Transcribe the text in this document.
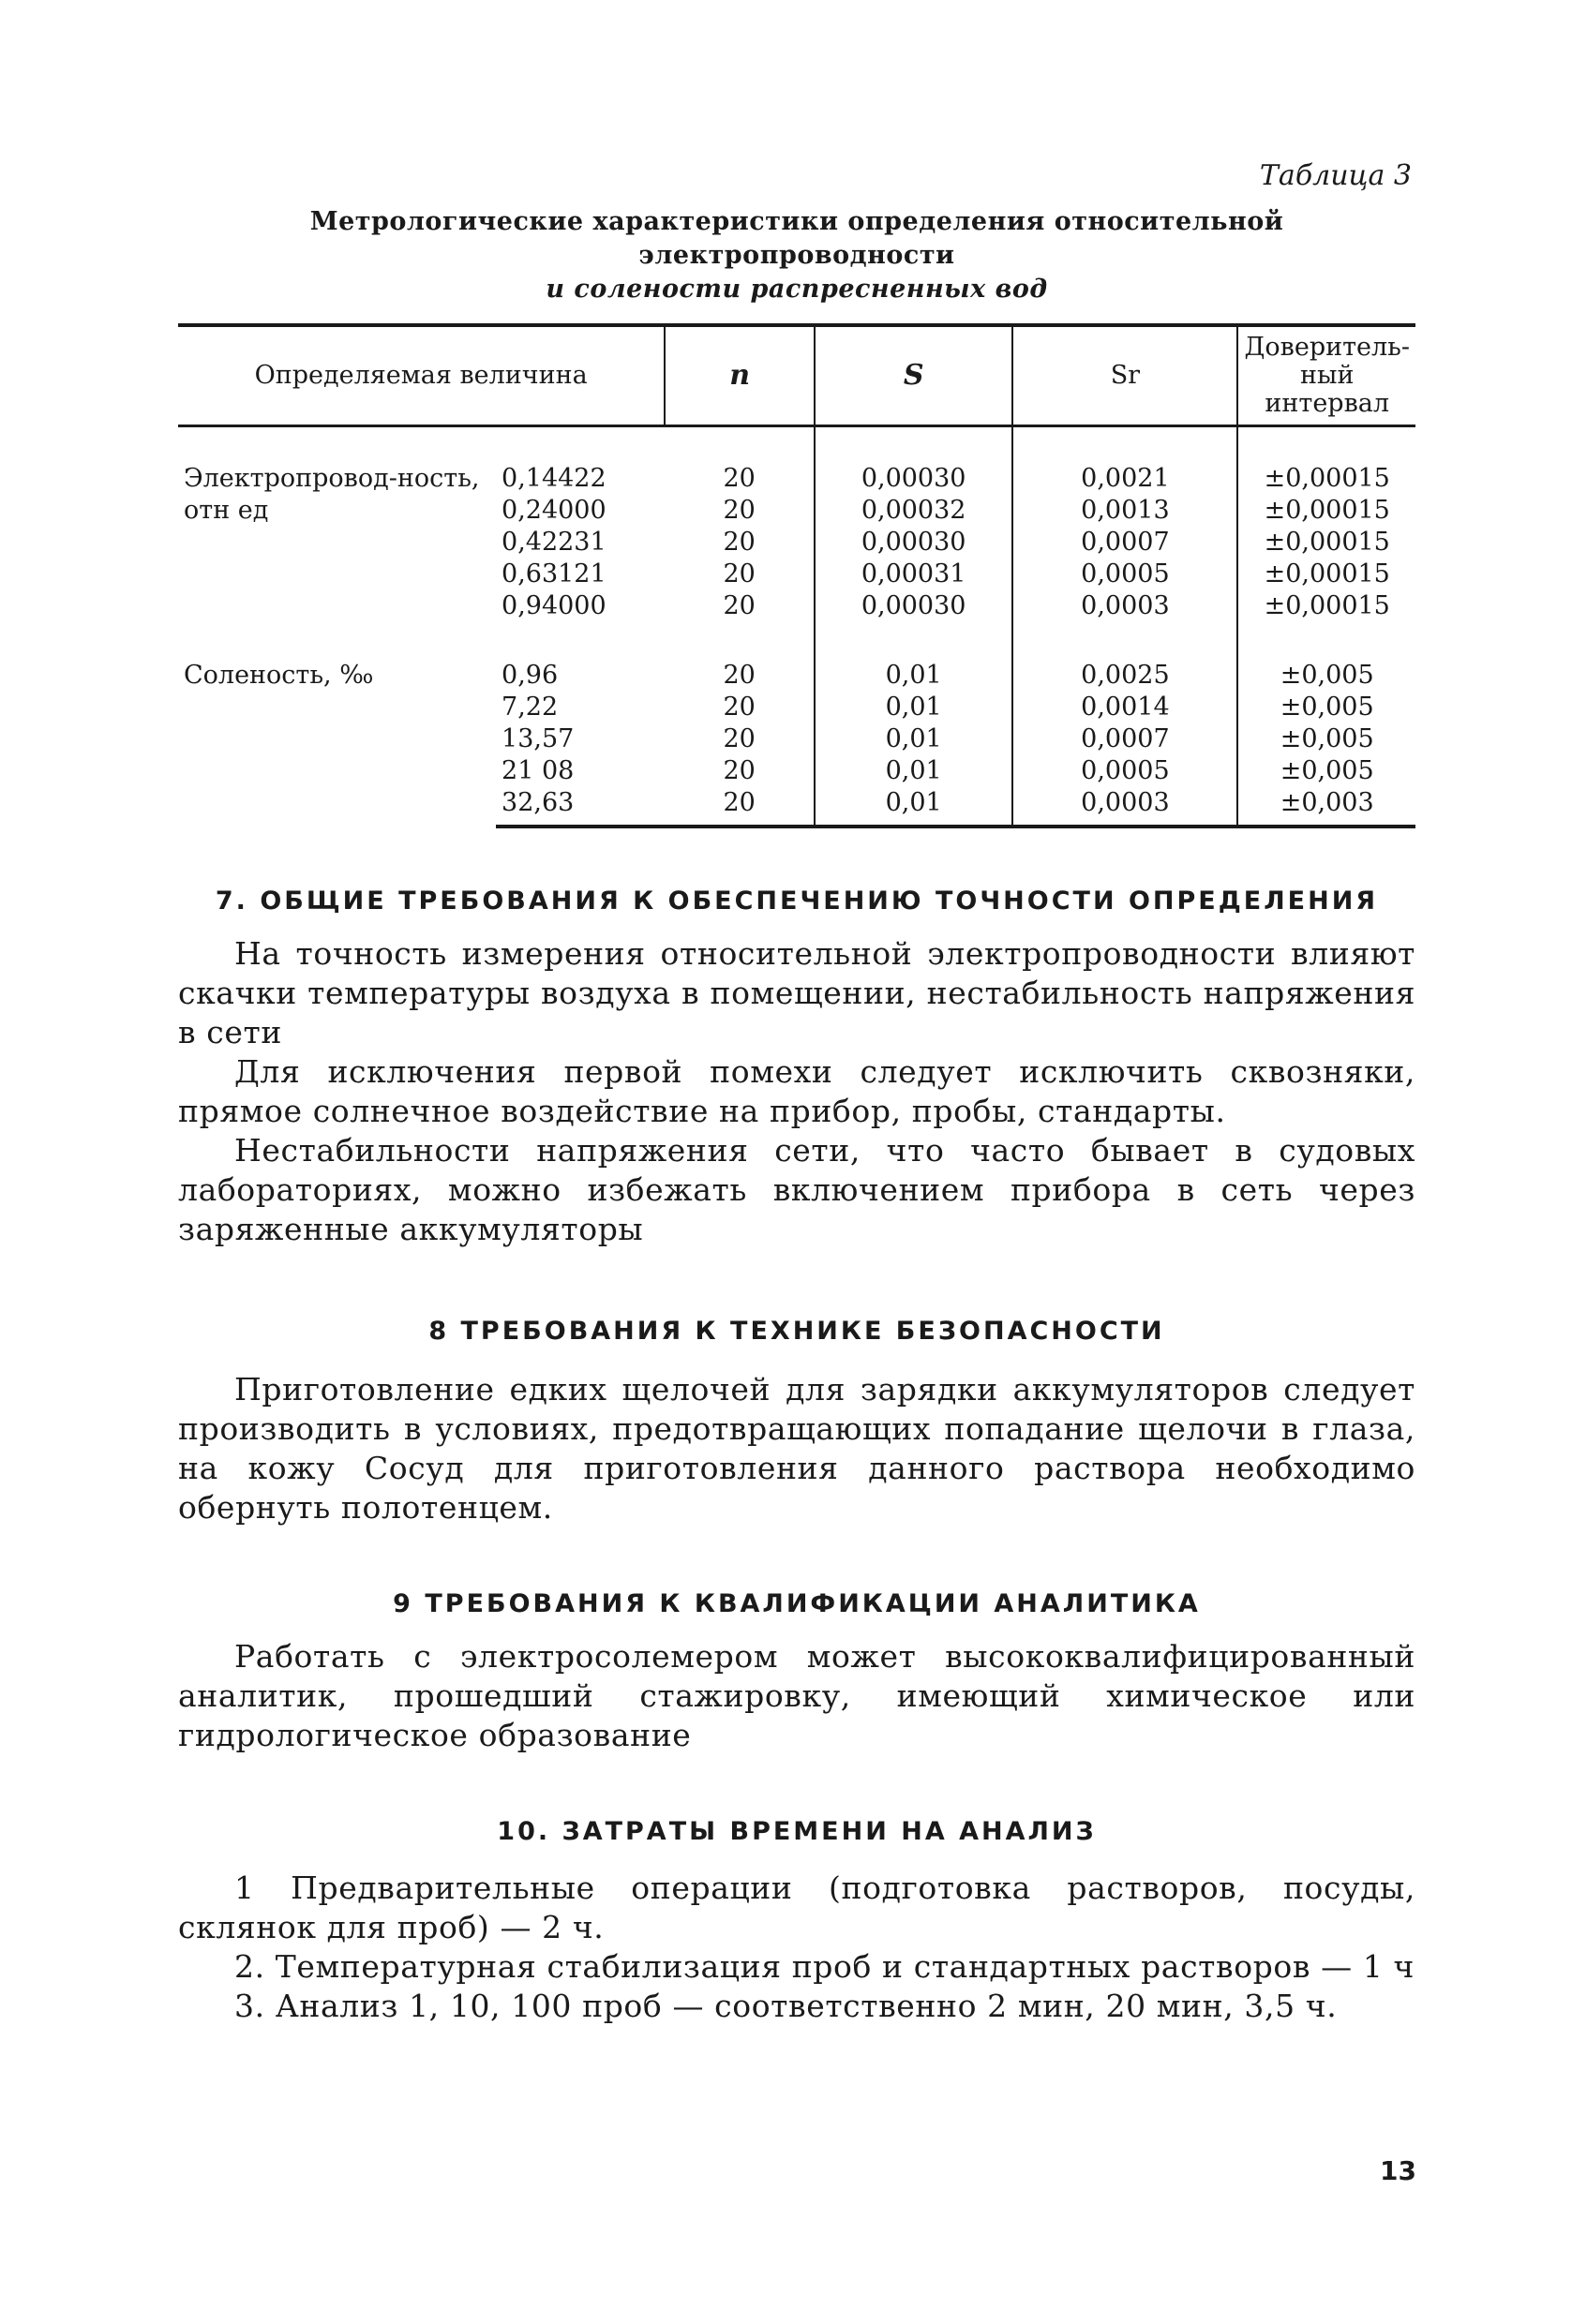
Таблица 3
Метрологические характеристики определения относительной электропроводности
и солености распресненных вод
Определяемая величина		n	S	Sr	Доверитель-ный интервал
Электропровод-ность, отн ед	0,14422	20	0,00030	0,0021	±0,00015
	0,24000	20	0,00032	0,0013	±0,00015
	0,42231	20	0,00030	0,0007	±0,00015
	0,63121	20	0,00031	0,0005	±0,00015
	0,94000	20	0,00030	0,0003	±0,00015

Соленость, ‰	0,96	20	0,01	0,0025	±0,005
	7,22	20	0,01	0,0014	±0,005
	13,57	20	0,01	0,0007	±0,005
	21 08	20	0,01	0,0005	±0,005
	32,63	20	0,01	0,0003	±0,003
7. ОБЩИЕ ТРЕБОВАНИЯ К ОБЕСПЕЧЕНИЮ ТОЧНОСТИ ОПРЕДЕЛЕНИЯ

На точность измерения относительной электропроводности влияют скачки температуры воздуха в помещении, нестабильность напряжения в сети

Для исключения первой помехи следует исключить сквозняки, прямое солнечное воздействие на прибор, пробы, стандарты.

Нестабильности напряжения сети, что часто бывает в судовых лабораториях, можно избежать включением прибора в сеть через заряженные аккумуляторы

8 ТРЕБОВАНИЯ К ТЕХНИКЕ БЕЗОПАСНОСТИ

Приготовление едких щелочей для зарядки аккумуляторов следует производить в условиях, предотвращающих попадание щелочи в глаза, на кожу Сосуд для приготовления данного раствора необходимо обернуть полотенцем.

9 ТРЕБОВАНИЯ К КВАЛИФИКАЦИИ АНАЛИТИКА

Работать с электросолемером может высококвалифицированный аналитик, прошедший стажировку, имеющий химическое или гидрологическое образование

10. ЗАТРАТЫ ВРЕМЕНИ НА АНАЛИЗ

1 Предварительные операции (подготовка растворов, посуды, склянок для проб) — 2 ч.

2. Температурная стабилизация проб и стандартных растворов — 1 ч

3. Анализ 1, 10, 100 проб — соответственно 2 мин, 20 мин, 3,5 ч.

13
